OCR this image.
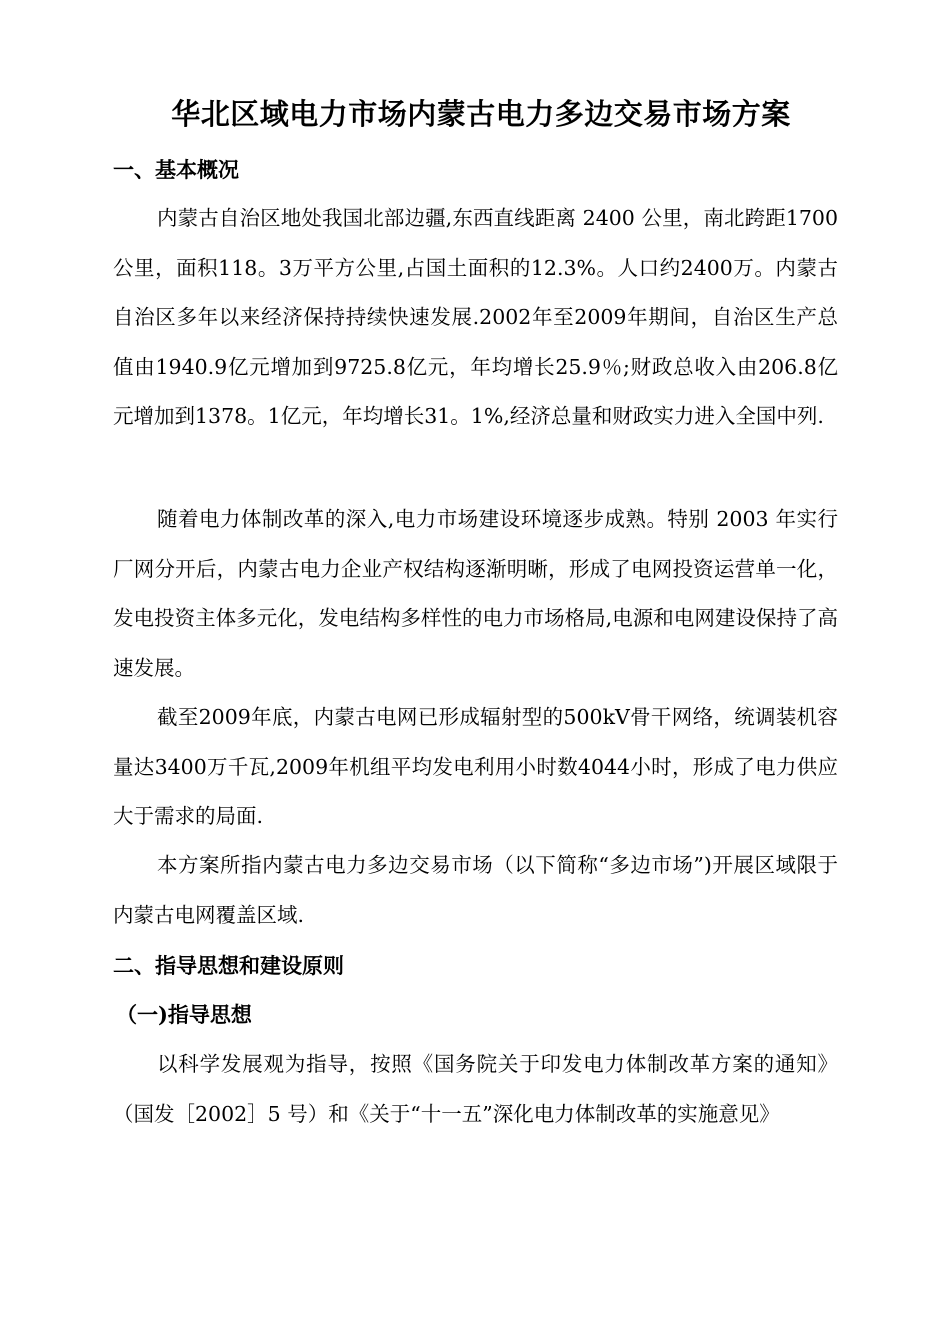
华北区域电力市场内蒙古电力多边交易市场方案
一、基本概况

内蒙古自治区地处我国北部边疆,东西直线距离 2400 公里，南北跨距1700公里，面积118。3万平方公里,占国土面积的12.3%。人口约2400万。内蒙古自治区多年以来经济保持持续快速发展.2002年至2009年期间，自治区生产总值由1940.9亿元增加到9725.8亿元，年均增长25.9％;财政总收入由206.8亿元增加到1378。1亿元，年均增长31。1%,经济总量和财政实力进入全国中列.

随着电力体制改革的深入,电力市场建设环境逐步成熟。特别 2003 年实行厂网分开后，内蒙古电力企业产权结构逐渐明晰，形成了电网投资运营单一化，发电投资主体多元化，发电结构多样性的电力市场格局,电源和电网建设保持了高速发展。

截至2009年底，内蒙古电网已形成辐射型的500kV骨干网络，统调装机容量达3400万千瓦,2009年机组平均发电利用小时数4044小时，形成了电力供应大于需求的局面.

本方案所指内蒙古电力多边交易市场（以下简称“多边市场”)开展区域限于内蒙古电网覆盖区域.

二、指导思想和建设原则
（一)指导思想

以科学发展观为指导，按照《国务院关于印发电力体制改革方案的通知》（国发［2002］5 号）和《关于“十一五”深化电力体制改革的实施意见》
